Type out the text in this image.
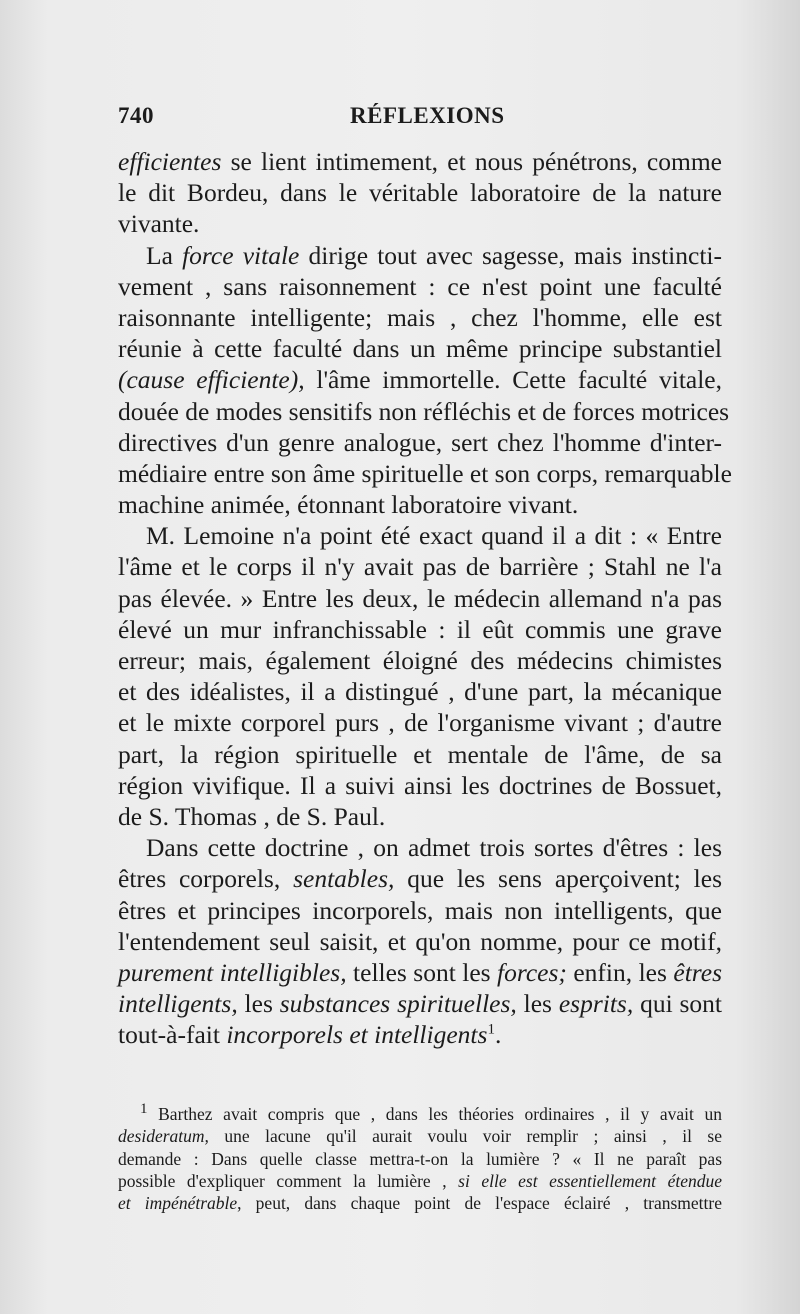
740	RÉFLEXIONS
efficientes se lient intimement, et nous pénétrons, comme
le dit Bordeu, dans le véritable laboratoire de la nature
vivante.
La force vitale dirige tout avec sagesse, mais instincti-
vement , sans raisonnement : ce n'est point une faculté
raisonnante intelligente; mais , chez l'homme, elle est
réunie à cette faculté dans un même principe substantiel
(cause efficiente), l'âme immortelle. Cette faculté vitale,
douée de modes sensitifs non réfléchis et de forces motrices
directives d'un genre analogue, sert chez l'homme d'inter-
médiaire entre son âme spirituelle et son corps, remarquable
machine animée, étonnant laboratoire vivant.
M. Lemoine n'a point été exact quand il a dit : « Entre
l'âme et le corps il n'y avait pas de barrière ; Stahl ne l'a
pas élevée. » Entre les deux, le médecin allemand n'a pas
élevé un mur infranchissable : il eût commis une grave
erreur; mais, également éloigné des médecins chimistes
et des idéalistes, il a distingué , d'une part, la mécanique
et le mixte corporel purs , de l'organisme vivant ; d'autre
part, la région spirituelle et mentale de l'âme, de sa
région vivifique. Il a suivi ainsi les doctrines de Bossuet,
de S. Thomas , de S. Paul.
Dans cette doctrine , on admet trois sortes d'êtres : les
êtres corporels, sentables, que les sens aperçoivent; les
êtres et principes incorporels, mais non intelligents, que
l'entendement seul saisit, et qu'on nomme, pour ce motif,
purement intelligibles, telles sont les forces; enfin, les êtres
intelligents, les substances spirituelles, les esprits, qui sont
tout-à-fait incorporels et intelligents$^1$.
1 Barthez avait compris que , dans les théories ordinaires , il y avait un
desideratum, une lacune qu'il aurait voulu voir remplir ; ainsi , il se
demande : Dans quelle classe mettra-t-on la lumière ? « Il ne paraît pas
possible d'expliquer comment la lumière , si elle est essentiellement étendue
et impénétrable, peut, dans chaque point de l'espace éclairé , transmettre
